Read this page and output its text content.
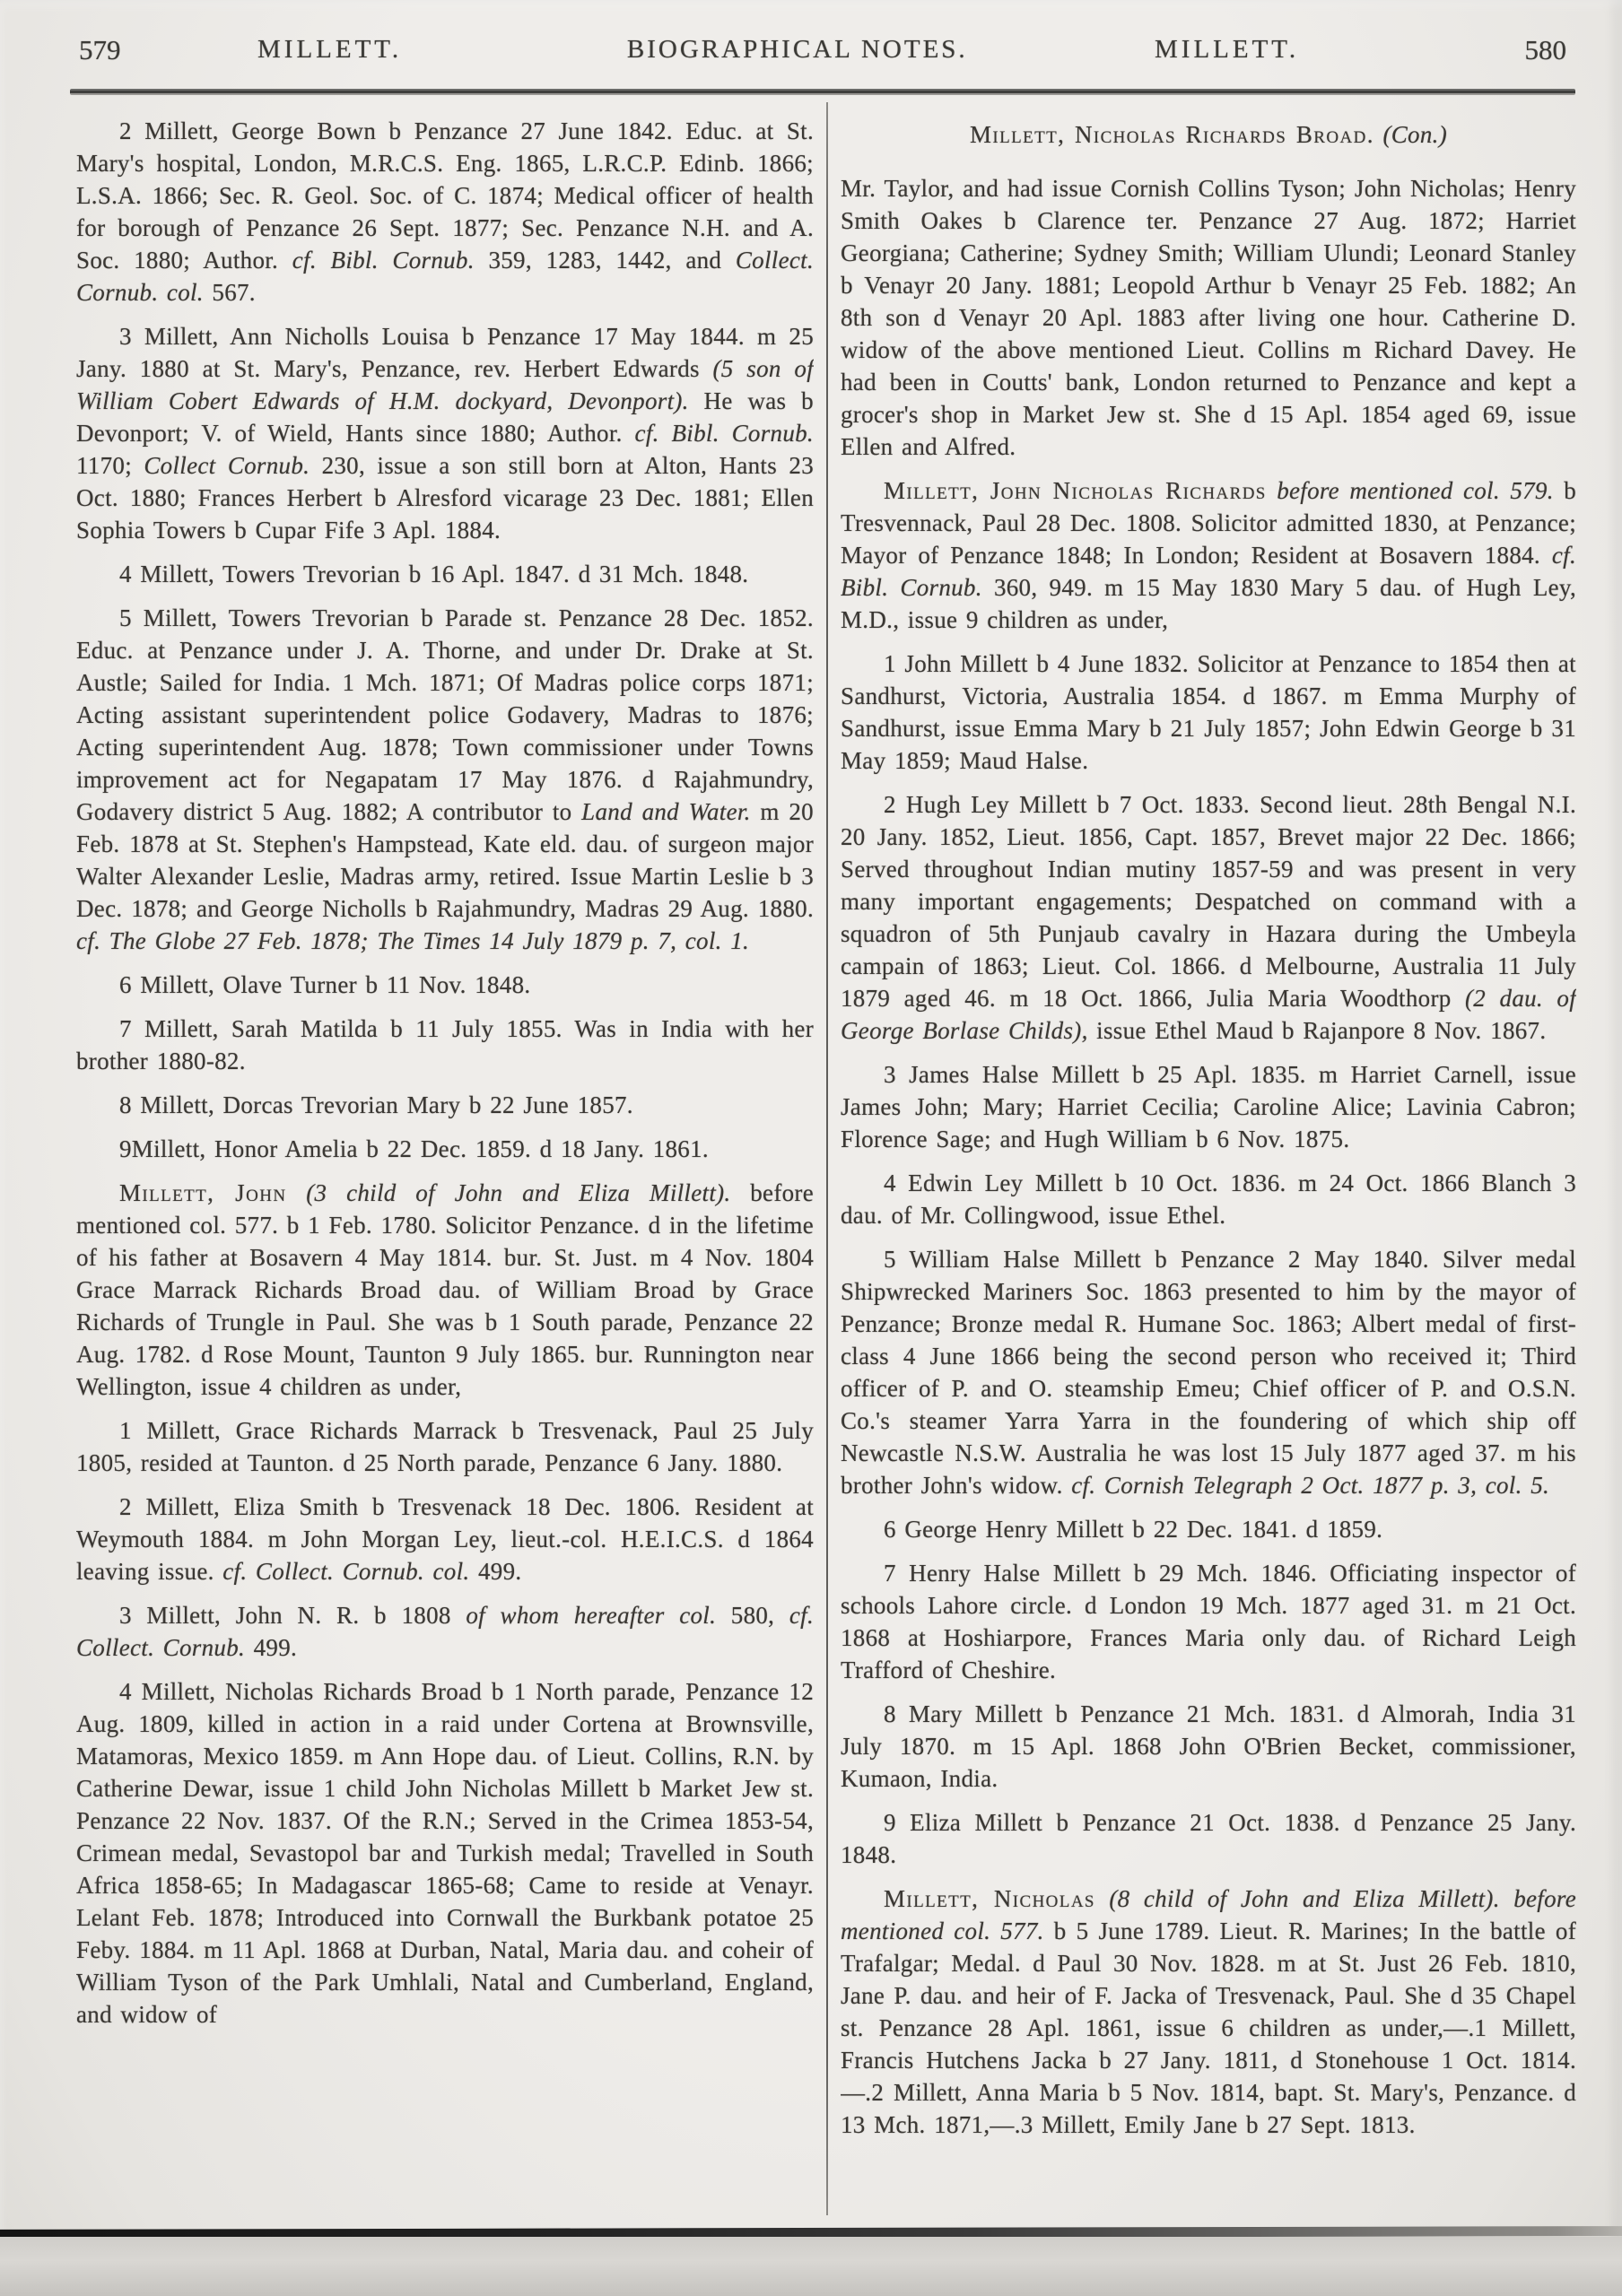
579	MILLETT.	BIOGRAPHICAL NOTES.	MILLETT.	580

2 Millett, George Bown b Penzance 27 June 1842. Educ. at St. Mary's hospital, London, M.R.C.S. Eng. 1865, L.R.C.P. Edinb. 1866; L.S.A. 1866; Sec. R. Geol. Soc. of C. 1874; Medical officer of health for borough of Penzance 26 Sept. 1877; Sec. Penzance N.H. and A. Soc. 1880; Author. cf. Bibl. Cornub. 359, 1283, 1442, and Collect. Cornub. col. 567.

3 Millett, Ann Nicholls Louisa b Penzance 17 May 1844. m 25 Jany. 1880 at St. Mary's, Penzance, rev. Herbert Edwards (5 son of William Cobert Edwards of H.M. dockyard, Devonport). He was b Devonport; V. of Wield, Hants since 1880; Author. cf. Bibl. Cornub. 1170; Collect Cornub. 230, issue a son still born at Alton, Hants 23 Oct. 1880; Frances Herbert b Alresford vicarage 23 Dec. 1881; Ellen Sophia Towers b Cupar Fife 3 Apl. 1884.

4 Millett, Towers Trevorian b 16 Apl. 1847. d 31 Mch. 1848.

5 Millett, Towers Trevorian b Parade st. Penzance 28 Dec. 1852. Educ. at Penzance under J. A. Thorne, and under Dr. Drake at St. Austle; Sailed for India. 1 Mch. 1871; Of Madras police corps 1871; Acting assistant superintendent police Godavery, Madras to 1876; Acting superintendent Aug. 1878; Town commissioner under Towns improvement act for Negapatam 17 May 1876. d Rajahmundry, Godavery district 5 Aug. 1882; A contributor to Land and Water. m 20 Feb. 1878 at St. Stephen's Hampstead, Kate eld. dau. of surgeon major Walter Alexander Leslie, Madras army, retired. Issue Martin Leslie b 3 Dec. 1878; and George Nicholls b Rajahmundry, Madras 29 Aug. 1880. cf. The Globe 27 Feb. 1878; The Times 14 July 1879 p. 7, col. 1.

6 Millett, Olave Turner b 11 Nov. 1848.

7 Millett, Sarah Matilda b 11 July 1855. Was in India with her brother 1880-82.

8 Millett, Dorcas Trevorian Mary b 22 June 1857.

9Millett, Honor Amelia b 22 Dec. 1859. d 18 Jany. 1861.

Millett, John (3 child of John and Eliza Millett). before mentioned col. 577. b 1 Feb. 1780. Solicitor Penzance. d in the lifetime of his father at Bosavern 4 May 1814. bur. St. Just. m 4 Nov. 1804 Grace Marrack Richards Broad dau. of William Broad by Grace Richards of Trungle in Paul. She was b 1 South parade, Penzance 22 Aug. 1782. d Rose Mount, Taunton 9 July 1865. bur. Runnington near Wellington, issue 4 children as under,

1 Millett, Grace Richards Marrack b Tresvenack, Paul 25 July 1805, resided at Taunton. d 25 North parade, Penzance 6 Jany. 1880.

2 Millett, Eliza Smith b Tresvenack 18 Dec. 1806. Resident at Weymouth 1884. m John Morgan Ley, lieut.-col. H.E.I.C.S. d 1864 leaving issue. cf. Collect. Cornub. col. 499.

3 Millett, John N. R. b 1808 of whom hereafter col. 580, cf. Collect. Cornub. 499.

4 Millett, Nicholas Richards Broad b 1 North parade, Penzance 12 Aug. 1809, killed in action in a raid under Cortena at Brownsville, Matamoras, Mexico 1859. m Ann Hope dau. of Lieut. Collins, R.N. by Catherine Dewar, issue 1 child John Nicholas Millett b Market Jew st. Penzance 22 Nov. 1837. Of the R.N.; Served in the Crimea 1853-54, Crimean medal, Sevastopol bar and Turkish medal; Travelled in South Africa 1858-65; In Madagascar 1865-68; Came to reside at Venayr. Lelant Feb. 1878; Introduced into Cornwall the Burkbank potatoe 25 Feby. 1884. m 11 Apl. 1868 at Durban, Natal, Maria dau. and coheir of William Tyson of the Park Umhlali, Natal and Cumberland, England, and widow of

Millett, Nicholas Richards Broad. (Con.)

Mr. Taylor, and had issue Cornish Collins Tyson; John Nicholas; Henry Smith Oakes b Clarence ter. Penzance 27 Aug. 1872; Harriet Georgiana; Catherine; Sydney Smith; William Ulundi; Leonard Stanley b Venayr 20 Jany. 1881; Leopold Arthur b Venayr 25 Feb. 1882; An 8th son d Venayr 20 Apl. 1883 after living one hour. Catherine D. widow of the above mentioned Lieut. Collins m Richard Davey. He had been in Coutts' bank, London returned to Penzance and kept a grocer's shop in Market Jew st. She d 15 Apl. 1854 aged 69, issue Ellen and Alfred.

Millett, John Nicholas Richards before mentioned col. 579. b Tresvennack, Paul 28 Dec. 1808. Solicitor admitted 1830, at Penzance; Mayor of Penzance 1848; In London; Resident at Bosavern 1884. cf. Bibl. Cornub. 360, 949. m 15 May 1830 Mary 5 dau. of Hugh Ley, M.D., issue 9 children as under,

1 John Millett b 4 June 1832. Solicitor at Penzance to 1854 then at Sandhurst, Victoria, Australia 1854. d 1867. m Emma Murphy of Sandhurst, issue Emma Mary b 21 July 1857; John Edwin George b 31 May 1859; Maud Halse.

2 Hugh Ley Millett b 7 Oct. 1833. Second lieut. 28th Bengal N.I. 20 Jany. 1852, Lieut. 1856, Capt. 1857, Brevet major 22 Dec. 1866; Served throughout Indian mutiny 1857-59 and was present in very many important engagements; Despatched on command with a squadron of 5th Punjaub cavalry in Hazara during the Umbeyla campain of 1863; Lieut. Col. 1866. d Melbourne, Australia 11 July 1879 aged 46. m 18 Oct. 1866, Julia Maria Woodthorp (2 dau. of George Borlase Childs), issue Ethel Maud b Rajanpore 8 Nov. 1867.

3 James Halse Millett b 25 Apl. 1835. m Harriet Carnell, issue James John; Mary; Harriet Cecilia; Caroline Alice; Lavinia Cabron; Florence Sage; and Hugh William b 6 Nov. 1875.

4 Edwin Ley Millett b 10 Oct. 1836. m 24 Oct. 1866 Blanch 3 dau. of Mr. Collingwood, issue Ethel.

5 William Halse Millett b Penzance 2 May 1840. Silver medal Shipwrecked Mariners Soc. 1863 presented to him by the mayor of Penzance; Bronze medal R. Humane Soc. 1863; Albert medal of first-class 4 June 1866 being the second person who received it; Third officer of P. and O. steamship Emeu; Chief officer of P. and O.S.N. Co.'s steamer Yarra Yarra in the foundering of which ship off Newcastle N.S.W. Australia he was lost 15 July 1877 aged 37. m his brother John's widow. cf. Cornish Telegraph 2 Oct. 1877 p. 3, col. 5.

6 George Henry Millett b 22 Dec. 1841. d 1859.

7 Henry Halse Millett b 29 Mch. 1846. Officiating inspector of schools Lahore circle. d London 19 Mch. 1877 aged 31. m 21 Oct. 1868 at Hoshiarpore, Frances Maria only dau. of Richard Leigh Trafford of Cheshire.

8 Mary Millett b Penzance 21 Mch. 1831. d Almorah, India 31 July 1870. m 15 Apl. 1868 John O'Brien Becket, commissioner, Kumaon, India.

9 Eliza Millett b Penzance 21 Oct. 1838. d Penzance 25 Jany. 1848.

Millett, Nicholas (8 child of John and Eliza Millett). before mentioned col. 577. b 5 June 1789. Lieut. R. Marines; In the battle of Trafalgar; Medal. d Paul 30 Nov. 1828. m at St. Just 26 Feb. 1810, Jane P. dau. and heir of F. Jacka of Tresvenack, Paul. She d 35 Chapel st. Penzance 28 Apl. 1861, issue 6 children as under,—.1 Millett, Francis Hutchens Jacka b 27 Jany. 1811, d Stonehouse 1 Oct. 1814.—.2 Millett, Anna Maria b 5 Nov. 1814, bapt. St. Mary's, Penzance. d 13 Mch. 1871,—.3 Millett, Emily Jane b 27 Sept. 1813.
